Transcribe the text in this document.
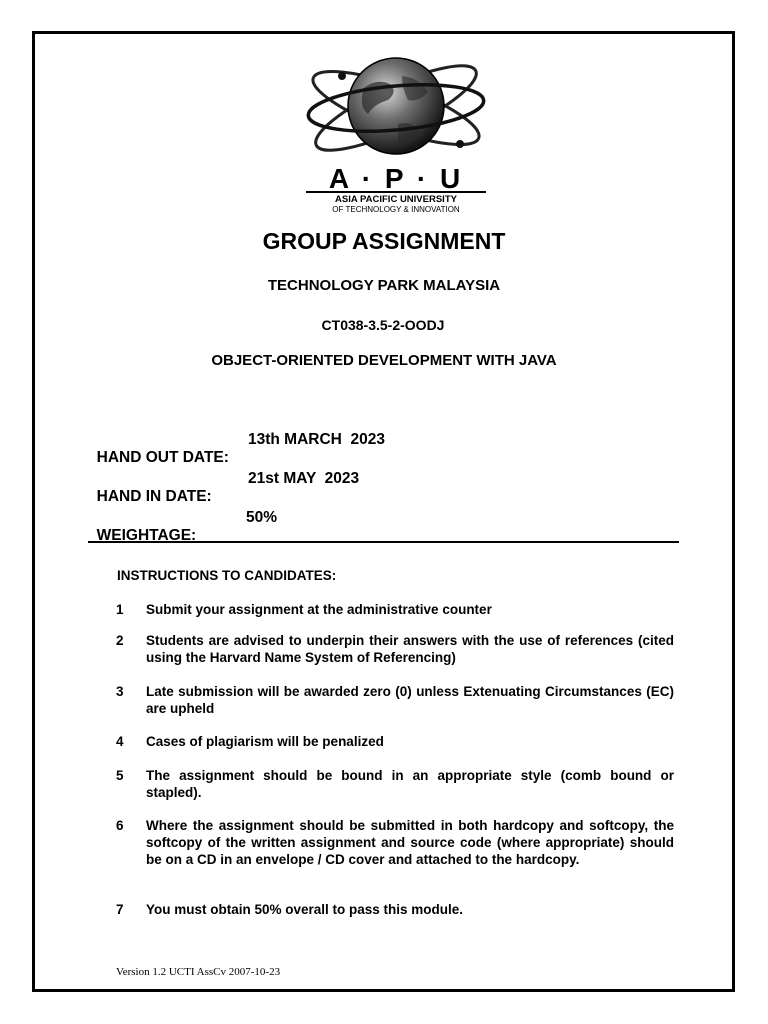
A · P · U
ASIA PACIFIC UNIVERSITY
OF TECHNOLOGY & INNOVATION
GROUP ASSIGNMENT
TECHNOLOGY PARK MALAYSIA
CT038-3.5-2-OODJ
OBJECT-ORIENTED DEVELOPMENT WITH JAVA

HAND OUT DATE:

13th MARCH  2023

HAND IN DATE:

21st MAY  2023

WEIGHTAGE:

50%

INSTRUCTIONS TO CANDIDATES:
1	Submit your assignment at the administrative counter
2	Students are advised to underpin their answers with the use of references (cited using the Harvard Name System of Referencing)
3	Late submission will be awarded zero (0) unless Extenuating Circumstances (EC) are upheld
4	Cases of plagiarism will be penalized
5	The assignment should be bound in an appropriate style (comb bound or stapled).
6	Where the assignment should be submitted in both hardcopy and softcopy, the softcopy of the written assignment and source code (where appropriate) should be on a CD in an envelope / CD cover and attached to the hardcopy.
7	You must obtain 50% overall to pass this module.
Version 1.2 UCTI AssCv 2007-10-23
